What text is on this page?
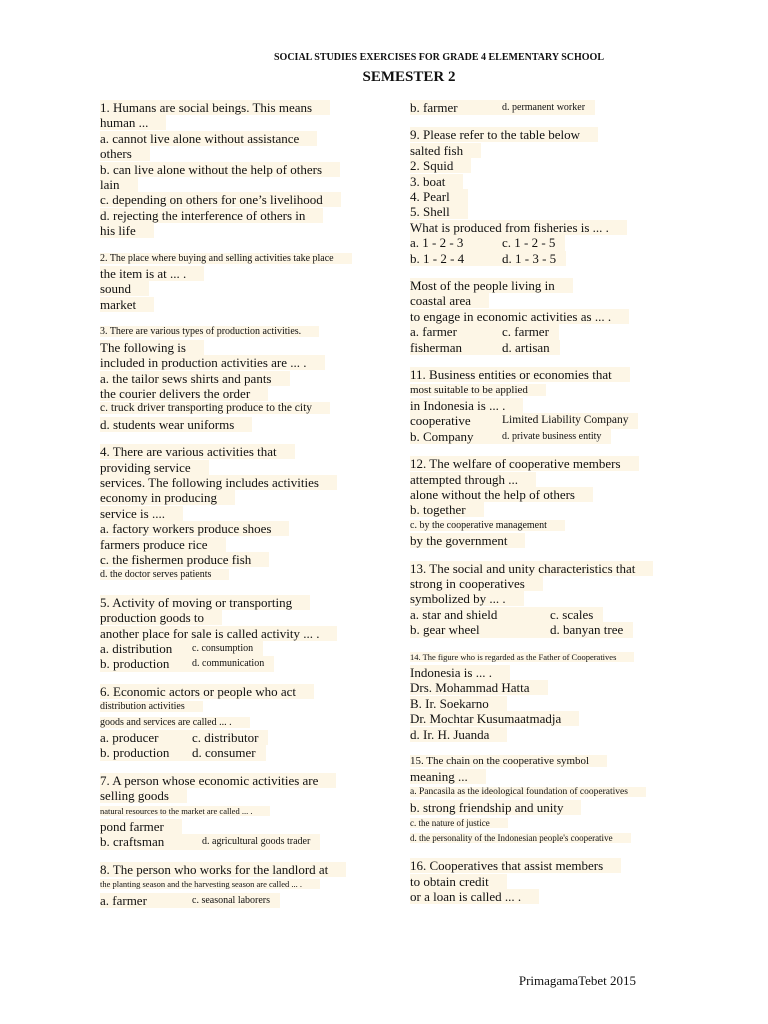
SOCIAL STUDIES EXERCISES FOR GRADE 4 ELEMENTARY SCHOOL
SEMESTER 2
1. Humans are social beings. This means
human ...
a. cannot live alone without assistance
others
b. can live alone without the help of others
lain
c. depending on others for one’s livelihood
d. rejecting the interference of others in
his life
2. The place where buying and selling activities take place
the item is at ... .
sound
market
3. There are various types of production activities.
The following is
included in production activities are ... .
a. the tailor sews shirts and pants
the courier delivers the order
c. truck driver transporting produce to the city
d. students wear uniforms
4. There are various activities that
providing service
services. The following includes activities
economy in producing
service is ....
a. factory workers produce shoes
farmers produce rice
c. the fishermen produce fish
d. the doctor serves patients
5. Activity of moving or transporting
production goods to
another place for sale is called activity ... .
a. distribution	c. consumption
b. production	d. communication
6. Economic actors or people who act
distribution activities
goods and services are called ... .
a. producer	c. distributor
b. production	d. consumer
7. A person whose economic activities are
selling goods
natural resources to the market are called ... .
pond farmer
b. craftsman	d. agricultural goods trader
8. The person who works for the landlord at
the planting season and the harvesting season are called ... .
a. farmer	c. seasonal laborers
b. farmer	d. permanent worker
9. Please refer to the table below
salted fish
2. Squid
3. boat
4. Pearl
5. Shell
What is produced from fisheries is ... .
a. 1 - 2 - 3	c. 1 - 2 - 5
b. 1 - 2 - 4	d. 1 - 3 - 5
Most of the people living in
coastal area
to engage in economic activities as ... .
a. farmer	c. farmer
fisherman	d. artisan
11. Business entities or economies that
most suitable to be applied
in Indonesia is ... .
cooperative	Limited Liability Company
b. Company	d. private business entity
12. The welfare of cooperative members
attempted through ...
alone without the help of others
b. together
c. by the cooperative management
by the government
13. The social and unity characteristics that
strong in cooperatives
symbolized by ... .
a. star and shield	c. scales
b. gear wheel	d. banyan tree
14. The figure who is regarded as the Father of Cooperatives
Indonesia is ... .
Drs. Mohammad Hatta
B. Ir. Soekarno
Dr. Mochtar Kusumaatmadja
d. Ir. H. Juanda
15. The chain on the cooperative symbol
meaning ...
a. Pancasila as the ideological foundation of cooperatives
b. strong friendship and unity
c. the nature of justice
d. the personality of the Indonesian people's cooperative
16. Cooperatives that assist members
to obtain credit
or a loan is called ... .
PrimagamaTebet 2015
